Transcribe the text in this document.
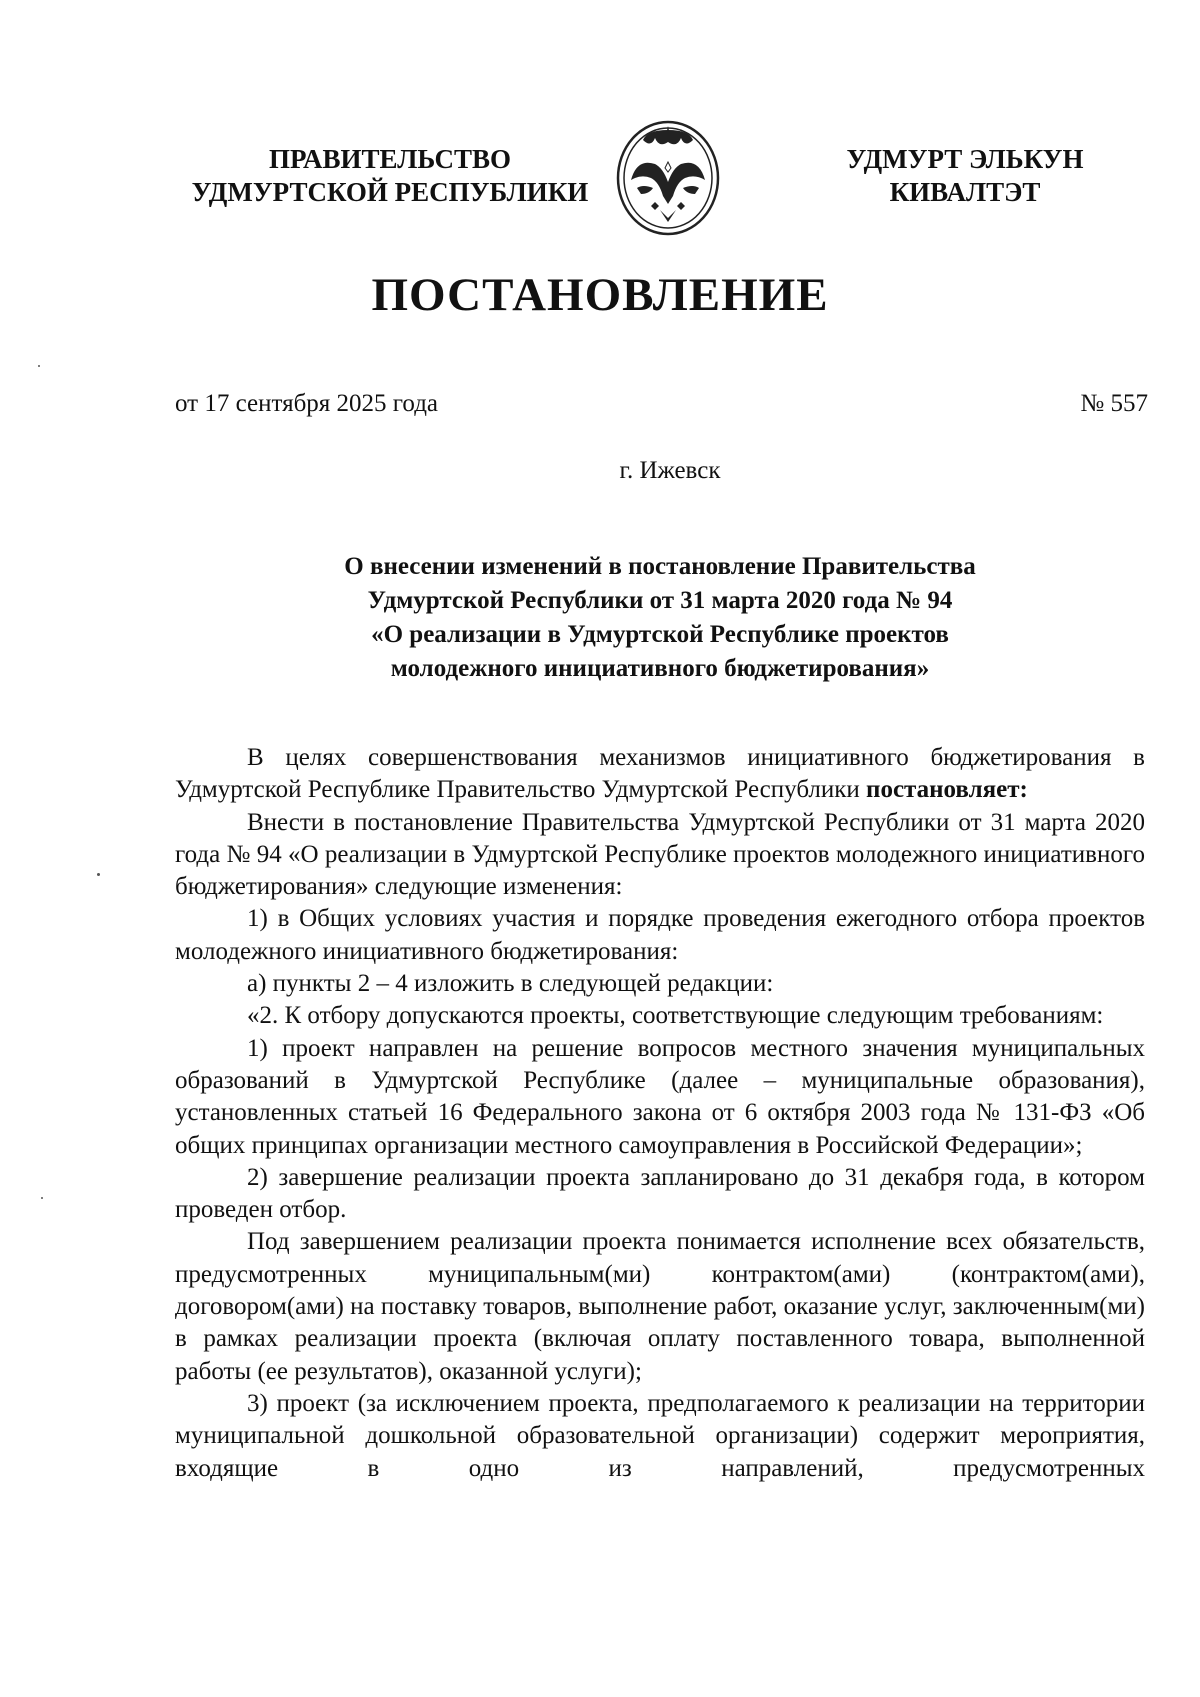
ПРАВИТЕЛЬСТВО
УДМУРТСКОЙ РЕСПУБЛИКИ
УДМУРТ ЭЛЬКУН
КИВАЛТЭТ
ПОСТАНОВЛЕНИЕ
от 17 сентября 2025 года	№ 557
г. Ижевск
О внесении изменений в постановление Правительства
Удмуртской Республики от 31 марта 2020 года № 94
«О реализации в Удмуртской Республике проектов
молодежного инициативного бюджетирования»

В целях совершенствования механизмов инициативного бюджетирования в Удмуртской Республике Правительство Удмуртской Республики постановляет:

Внести в постановление Правительства Удмуртской Республики от 31 марта 2020 года № 94 «О реализации в Удмуртской Республике проектов молодежного инициативного бюджетирования» следующие изменения:

1) в Общих условиях участия и порядке проведения ежегодного отбора проектов молодежного инициативного бюджетирования:

а) пункты 2 – 4 изложить в следующей редакции:

«2. К отбору допускаются проекты, соответствующие следующим требованиям:

1) проект направлен на решение вопросов местного значения муниципальных образований в Удмуртской Республике (далее – муниципальные образования), установленных статьей 16 Федерального закона от 6 октября 2003 года № 131-ФЗ «Об общих принципах организации местного самоуправления в Российской Федерации»;

2) завершение реализации проекта запланировано до 31 декабря года, в котором проведен отбор.

Под завершением реализации проекта понимается исполнение всех обязательств, предусмотренных муниципальным(ми) контрактом(ами) (контрактом(ами), договором(ами) на поставку товаров, выполнение работ, оказание услуг, заключенным(ми) в рамках реализации проекта (включая оплату поставленного товара, выполненной работы (ее результатов), оказанной услуги);

3) проект (за исключением проекта, предполагаемого к реализации на территории муниципальной дошкольной образовательной организации) содержит мероприятия, входящие в одно из направлений, предусмотренных
